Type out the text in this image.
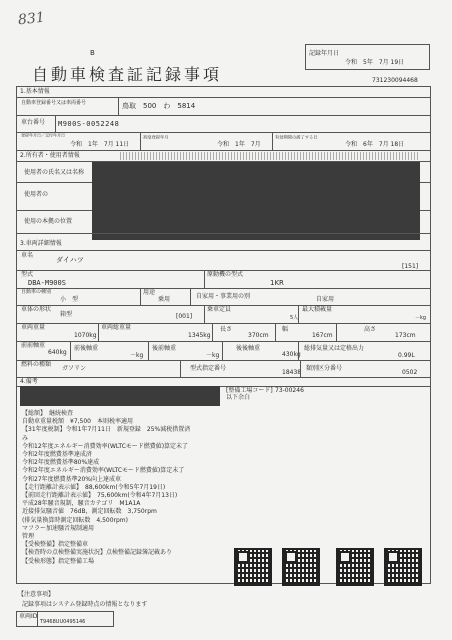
831
B
自動車検査証記録事項
記録年月日
令和　5年　7月 19日
731230094468
1.基本情報
自動車登録番号又は車両番号	鳥取　500　わ　5814
車台番号 M900S-0052248
登録年月日／交付年月日
令和　1年　7月 11日
初度登録年月
令和　1年　7月
有効期間の満了する日
令和　6年　7月 18日
2.所有者・使用者情報
使用者の氏名又は名称
使用者の
使用の本拠の位置
3.車両詳細情報
車名
ダイハツ
[151]
型式
DBA-M900S
原動機の型式
1KR
自動車の種別
小　型
用途
乗用	自家用・事業用の別	自家用
車体の形状
箱型	[001]
乗車定員
5人
最大積載量
－kg
車両重量
1070kg
車両総重量
1345kg
長さ
370cm
幅
167cm
高さ
173cm
前前軸重
640kg
前後軸重
－kg
後前軸重
－kg
後後軸重
430kg
総排気量又は定格出力
0.99L
燃料の種類
ガソリン	型式指定番号
18438
類別区分番号
0502
4.備考
[整備工場コード] 73-00246
以下余白
【総額】　継続検査
自動車重量税額　¥7,500　本則税率適用
【31年度税制】令和1年7月11日　新規登録　25%減税措置済
み
令和12年度エネルギー消費効率(WLTCモード燃費値)算定未了
令和2年度燃費基準達成済
令和2年度燃費基準80%達成
令和2年度エネルギー消費効率(WLTCモード燃費値)算定未了
令和27年度燃費基準20%向上達成車
【走行距離計表示値】　88,600km(令和5年7月19日)
【前回走行距離計表示値】　75,600km(令和4年7月13日)
平成28年騒音規制，騒音カテゴリ　M1A1A
近接排気騒音値　76dB，測定回転数　3,750rpm
(排気量換算時測定回転数　4,500rpm)
マフラー加速騒音規制適用
管理
【受検整備】指定整備車
【検査時の点検整備実施状況】点検整備記録簿記載あり
【受検形態】指定整備工場
【注意事項】
記録事項はシステム登録時点の情報となります
車両ID
T9468UU0495146
